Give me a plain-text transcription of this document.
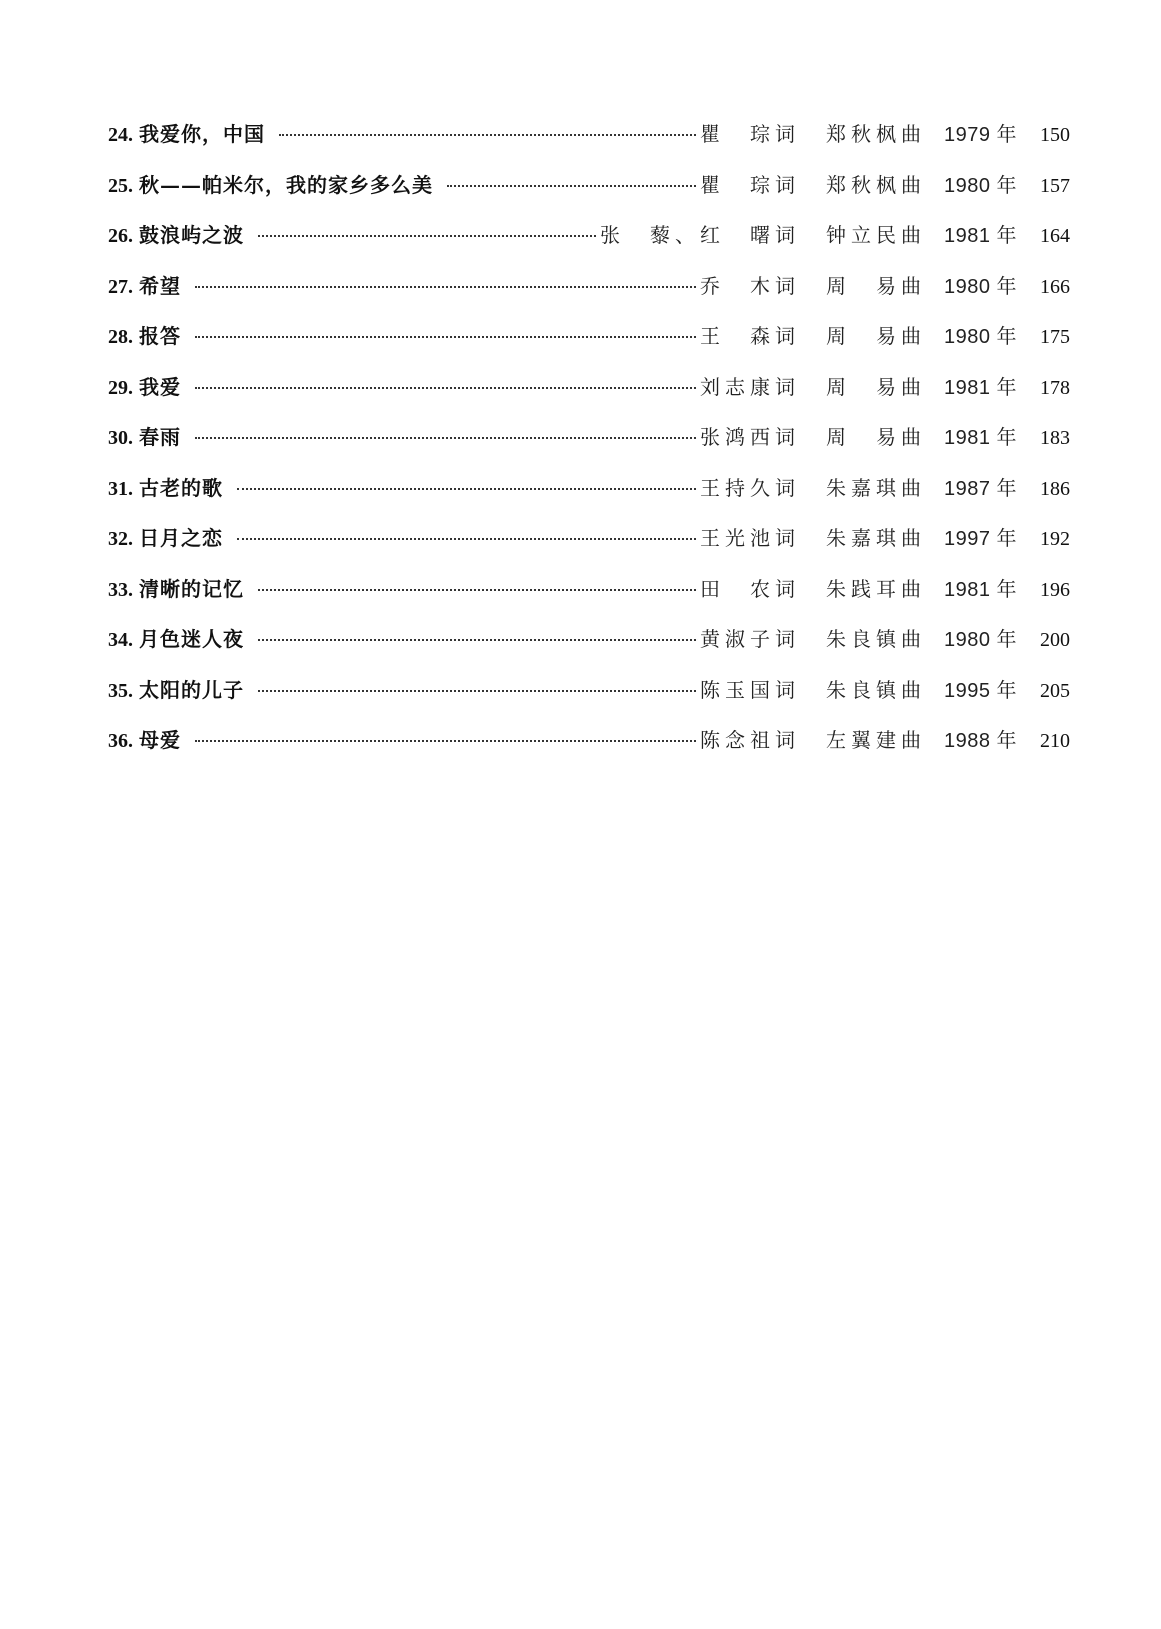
24. 我爱你，中国	瞿　琮词 郑秋枫曲 1979 年	150
25. 秋——帕米尔，我的家乡多么美	瞿　琮词 郑秋枫曲 1980 年	157
26. 鼓浪屿之波	张　藜、红　曙词 钟立民曲 1981 年	164
27. 希望	乔　木词 周　易曲 1980 年	166
28. 报答	王　森词 周　易曲 1980 年	175
29. 我爱	刘志康词 周　易曲 1981 年	178
30. 春雨	张鸿西词 周　易曲 1981 年	183
31. 古老的歌	王持久词 朱嘉琪曲 1987 年	186
32. 日月之恋	王光池词 朱嘉琪曲 1997 年	192
33. 清晰的记忆	田　农词 朱践耳曲 1981 年	196
34. 月色迷人夜	黄淑子词 朱良镇曲 1980 年	200
35. 太阳的儿子	陈玉国词 朱良镇曲 1995 年	205
36. 母爱	陈念祖词 左翼建曲 1988 年	210
